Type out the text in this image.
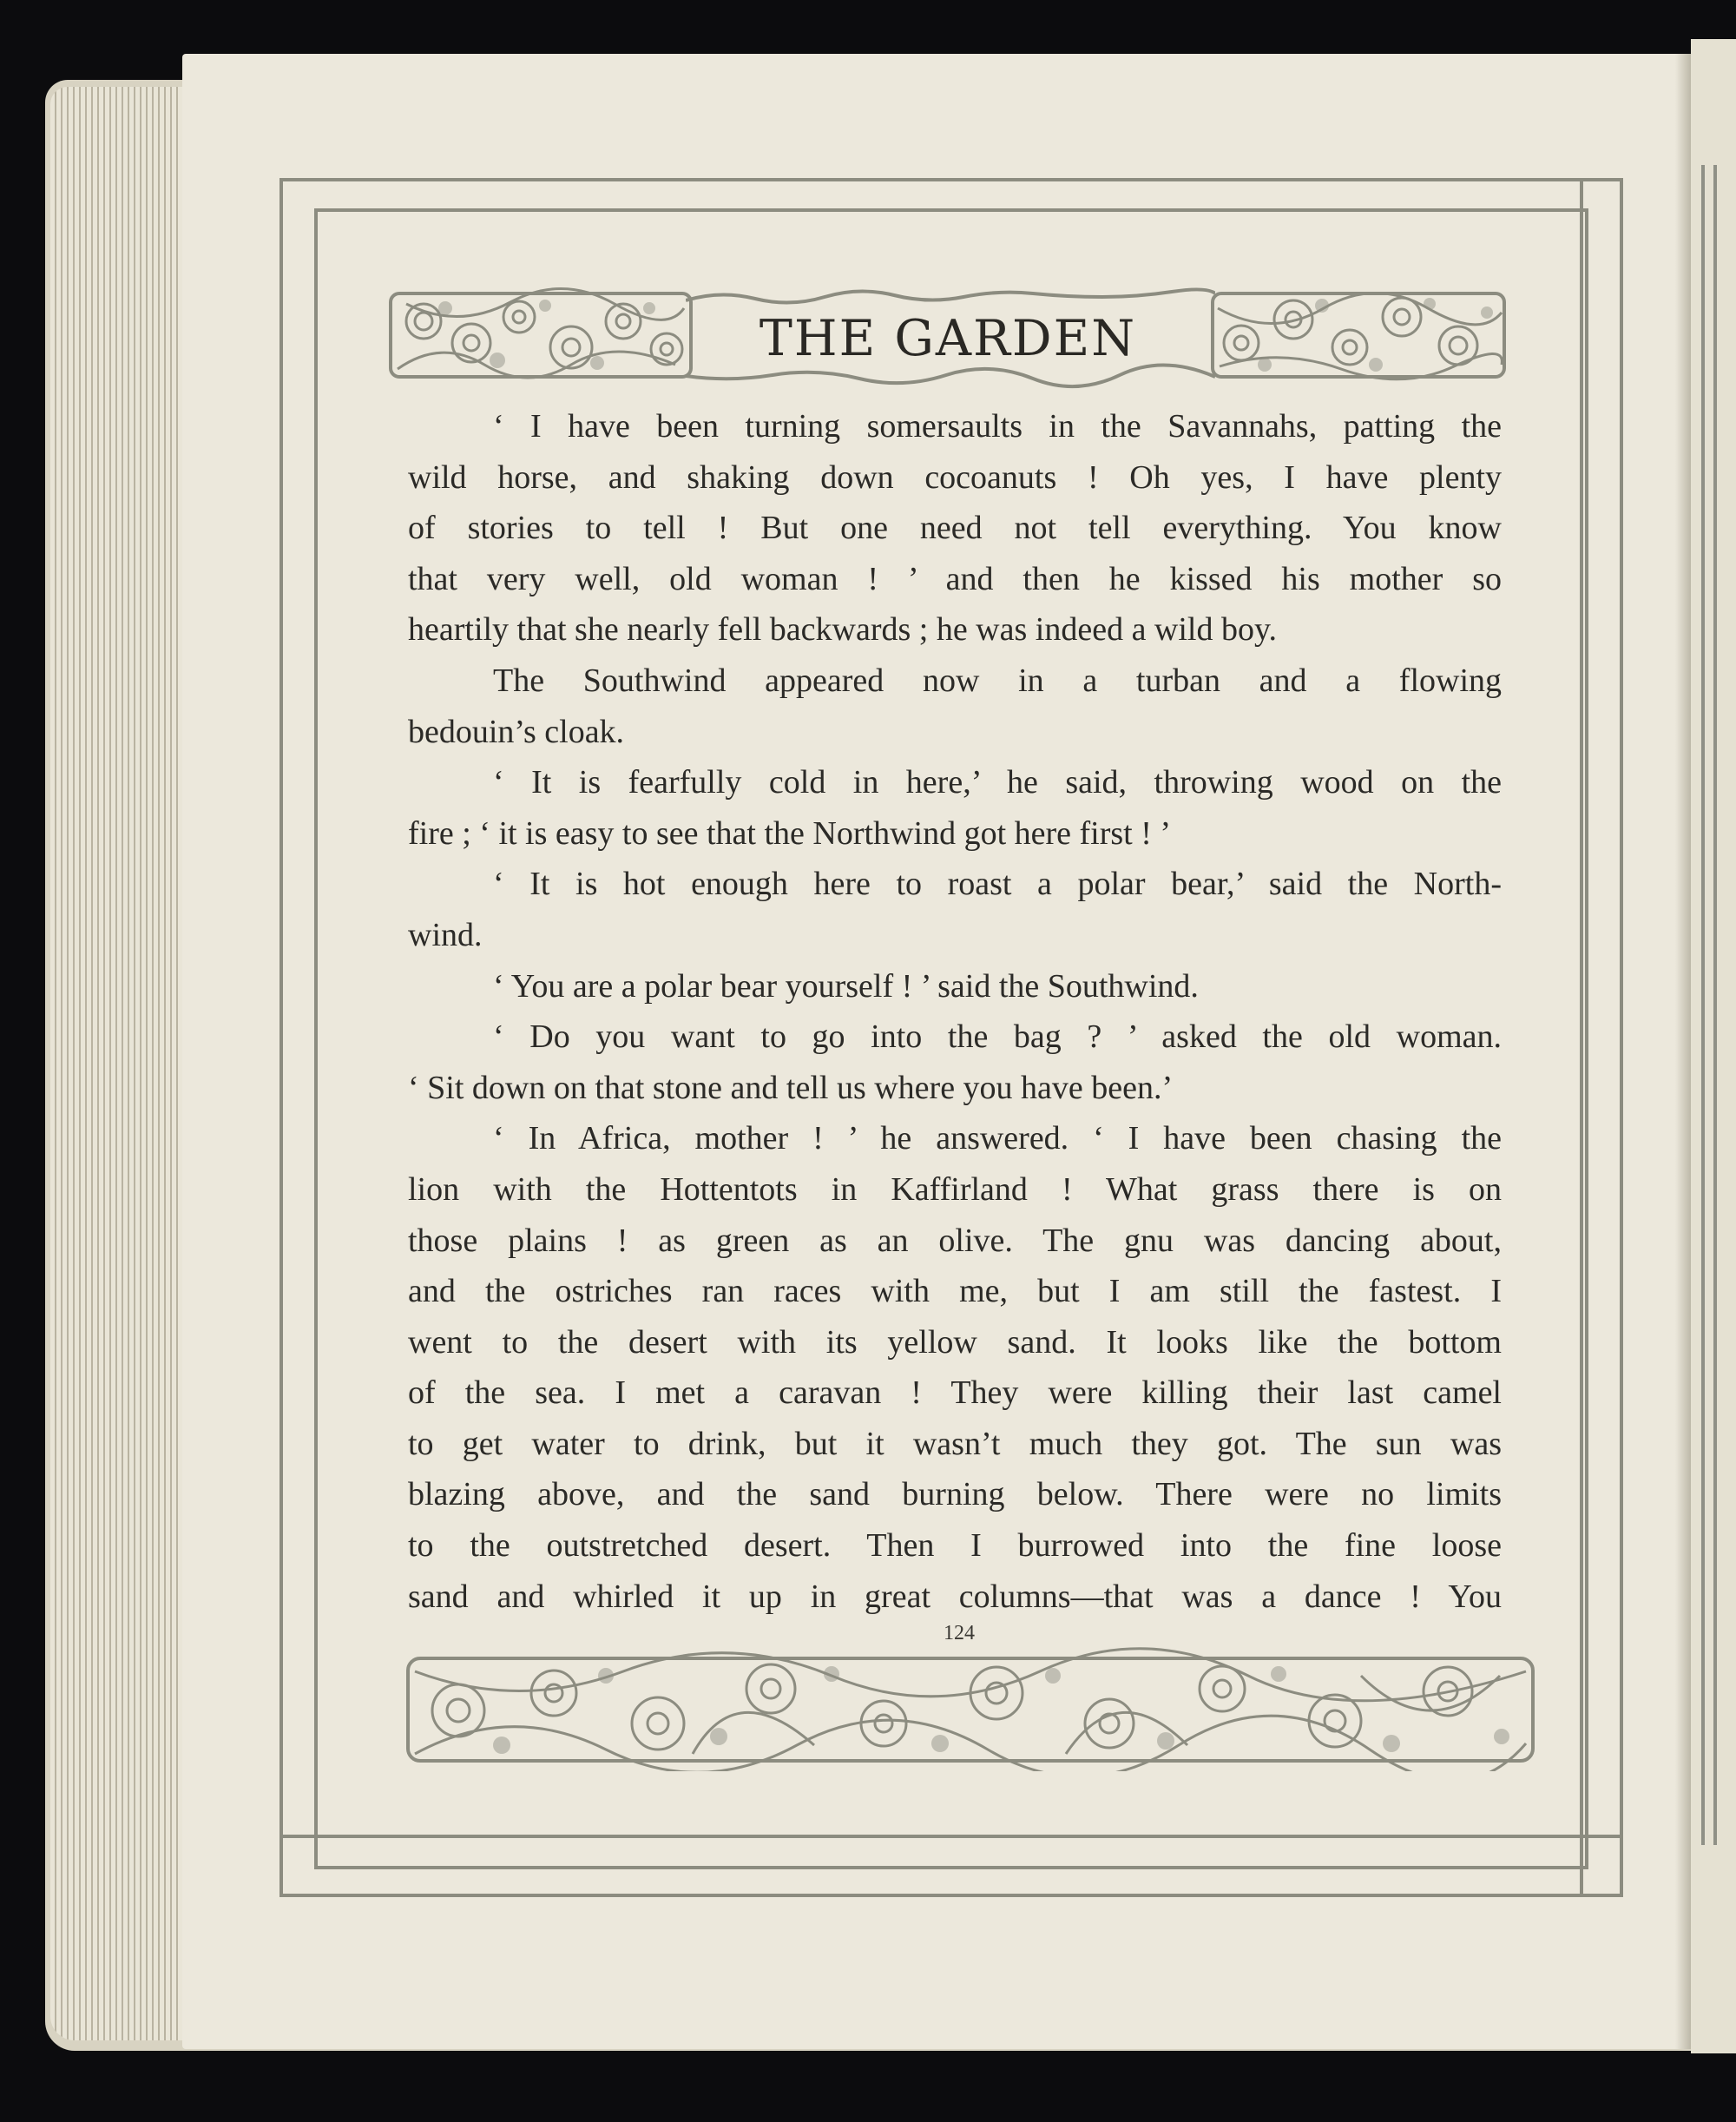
THE GARDEN
‘ I have been turning somersaults in the Savannahs, patting the
wild horse, and shaking down cocoanuts ! Oh yes, I have plenty
of stories to tell ! But one need not tell everything. You know
that very well, old woman ! ’ and then he kissed his mother so
heartily that she nearly fell backwards ; he was indeed a wild boy.
The Southwind appeared now in a turban and a flowing
bedouin’s cloak.
‘ It is fearfully cold in here,’ he said, throwing wood on the
fire ; ‘ it is easy to see that the Northwind got here first ! ’
‘ It is hot enough here to roast a polar bear,’ said the North-
wind.
‘ You are a polar bear yourself ! ’ said the Southwind.
‘ Do you want to go into the bag ? ’ asked the old woman.
‘ Sit down on that stone and tell us where you have been.’
‘ In Africa, mother ! ’ he answered. ‘ I have been chasing the
lion with the Hottentots in Kaffirland ! What grass there is on
those plains ! as green as an olive. The gnu was dancing about,
and the ostriches ran races with me, but I am still the fastest. I
went to the desert with its yellow sand. It looks like the bottom
of the sea. I met a caravan ! They were killing their last camel
to get water to drink, but it wasn’t much they got. The sun was
blazing above, and the sand burning below. There were no limits
to the outstretched desert. Then I burrowed into the fine loose
sand and whirled it up in great columns—that was a dance ! You
124
